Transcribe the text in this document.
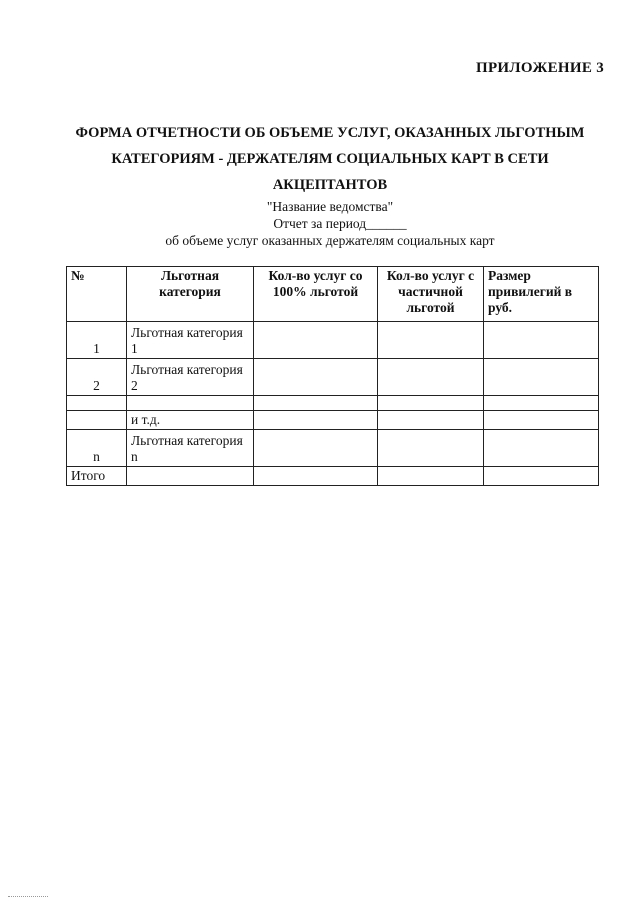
ПРИЛОЖЕНИЕ 3
ФОРМА ОТЧЕТНОСТИ ОБ ОБЪЕМЕ УСЛУГ, ОКАЗАННЫХ ЛЬГОТНЫМ
КАТЕГОРИЯМ - ДЕРЖАТЕЛЯМ СОЦИАЛЬНЫХ КАРТ В СЕТИ
АКЦЕПТАНТОВ
"Название ведомства"
Отчет за период______
об объеме услуг оказанных держателям социальных карт
№	Льготная категория	Кол-во услуг со 100% льготой	Кол-во услуг с частичной льготой	Размер привилегий в руб.
1	Льготная категория 1			
2	Льготная категория 2			

	и т.д.			
n	Льготная категория n			
Итого				
